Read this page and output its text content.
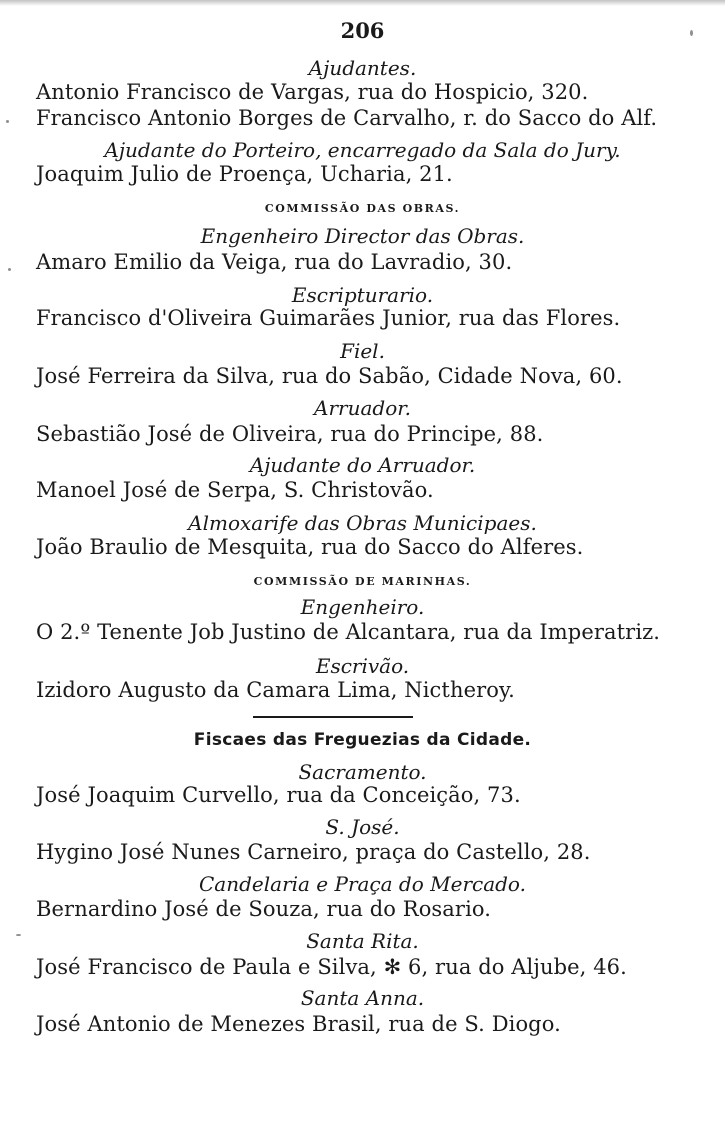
206
Ajudantes.
Antonio Francisco de Vargas, rua do Hospicio, 320.
Francisco Antonio Borges de Carvalho, r. do Sacco do Alf.
Ajudante do Porteiro, encarregado da Sala do Jury.
Joaquim Julio de Proença, Ucharia, 21.
COMMISSÃO DAS OBRAS.
Engenheiro Director das Obras.
Amaro Emilio da Veiga, rua do Lavradio, 30.
Escripturario.
Francisco d'Oliveira Guimarães Junior, rua das Flores.
Fiel.
José Ferreira da Silva, rua do Sabão, Cidade Nova, 60.
Arruador.
Sebastião José de Oliveira, rua do Principe, 88.
Ajudante do Arruador.
Manoel José de Serpa, S. Christovão.
Almoxarife das Obras Municipaes.
João Braulio de Mesquita, rua do Sacco do Alferes.
COMMISSÃO DE MARINHAS.
Engenheiro.
O 2.º Tenente Job Justino de Alcantara, rua da Imperatriz.
Escrivão.
Izidoro Augusto da Camara Lima, Nictheroy.
Fiscaes das Freguezias da Cidade.
Sacramento.
José Joaquim Curvello, rua da Conceição, 73.
S. José.
Hygino José Nunes Carneiro, praça do Castello, 28.
Candelaria e Praça do Mercado.
Bernardino José de Souza, rua do Rosario.
Santa Rita.
José Francisco de Paula e Silva, ✻ 6, rua do Aljube, 46.
Santa Anna.
José Antonio de Menezes Brasil, rua de S. Diogo.
